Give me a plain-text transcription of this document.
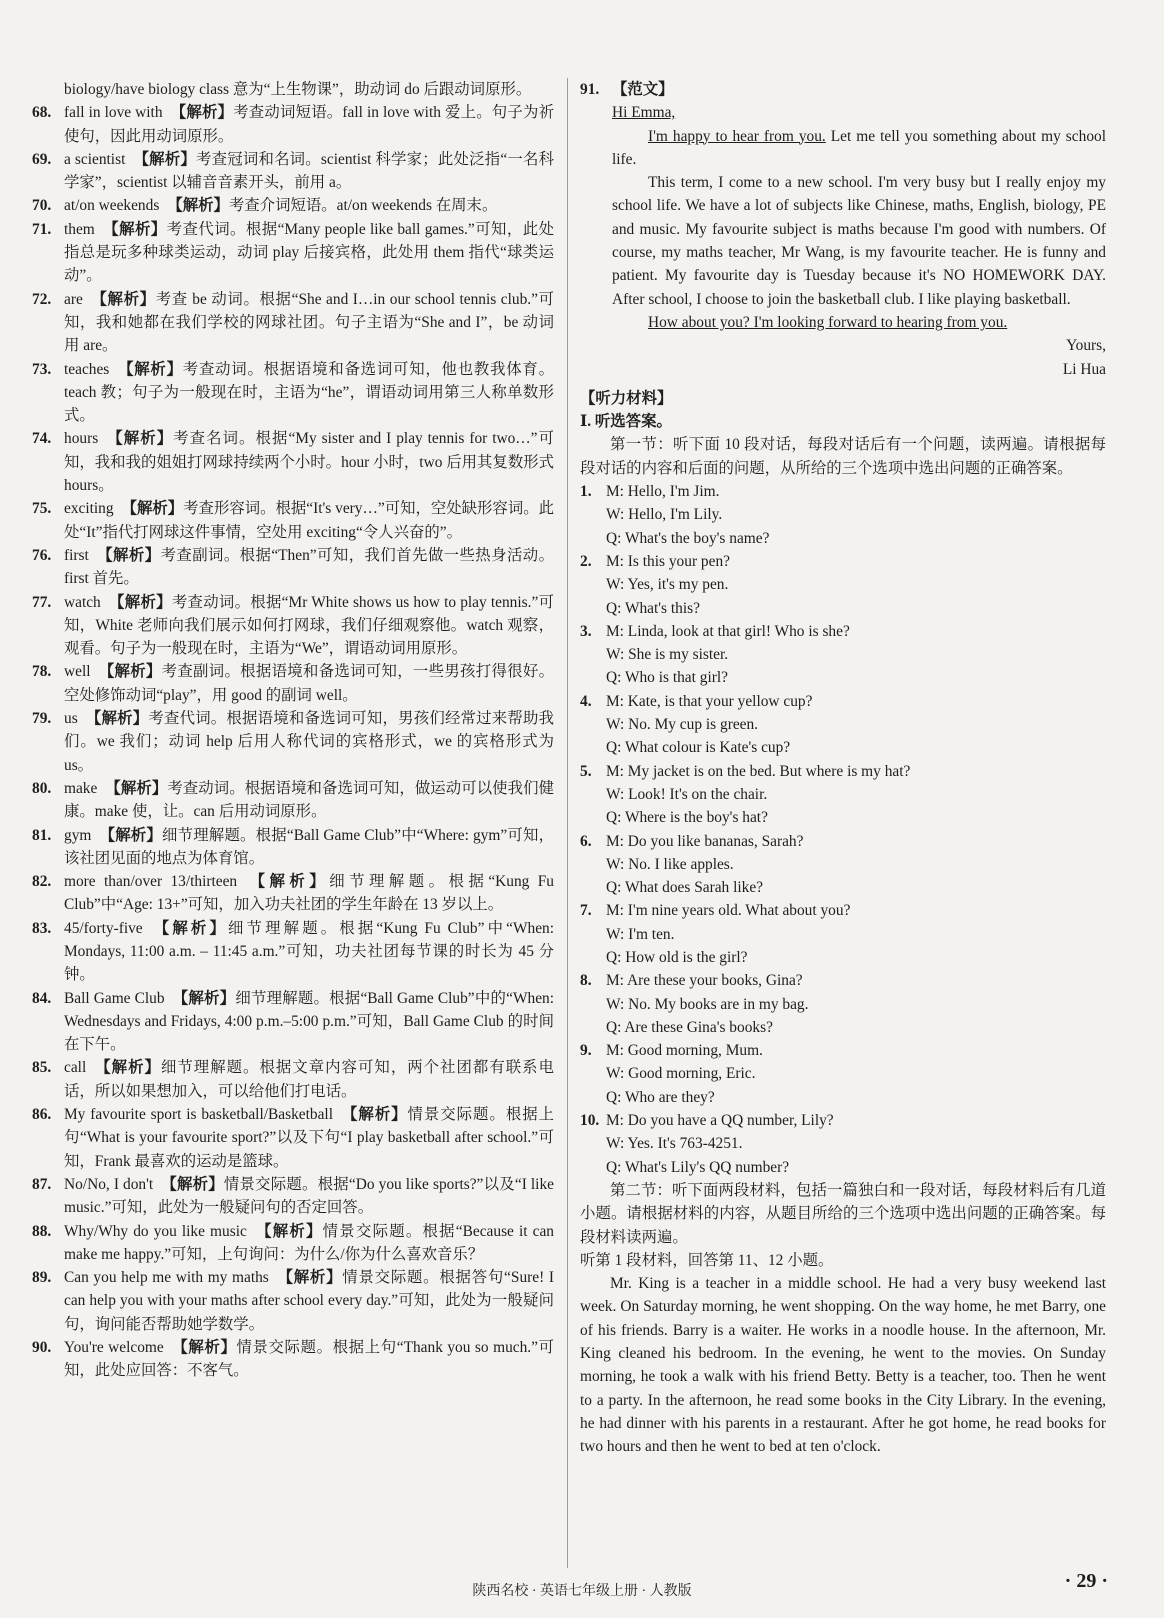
biology/have biology class 意为“上生物课”，助动词 do 后跟动词原形。
68. fall in love with 【解析】考查动词短语。fall in love with 爱上。句子为祈使句，因此用动词原形。
69. a scientist 【解析】考查冠词和名词。scientist 科学家；此处泛指“一名科学家”，scientist 以辅音音素开头，前用 a。
70. at/on weekends 【解析】考查介词短语。at/on weekends 在周末。
71. them 【解析】考查代词。根据“Many people like ball games.”可知，此处指总是玩多种球类运动，动词 play 后接宾格，此处用 them 指代“球类运动”。
72. are 【解析】考查 be 动词。根据“She and I…in our school tennis club.”可知，我和她都在我们学校的网球社团。句子主语为“She and I”，be 动词用 are。
73. teaches 【解析】考查动词。根据语境和备选词可知，他也教我体育。teach 教；句子为一般现在时，主语为“he”，谓语动词用第三人称单数形式。
74. hours 【解析】考查名词。根据“My sister and I play tennis for two…”可知，我和我的姐姐打网球持续两个小时。hour 小时，two 后用其复数形式 hours。
75. exciting 【解析】考查形容词。根据“It's very…”可知，空处缺形容词。此处“It”指代打网球这件事情，空处用 exciting“令人兴奋的”。
76. first 【解析】考查副词。根据“Then”可知，我们首先做一些热身活动。first 首先。
77. watch 【解析】考查动词。根据“Mr White shows us how to play tennis.”可知，White 老师向我们展示如何打网球，我们仔细观察他。watch 观察，观看。句子为一般现在时，主语为“We”，谓语动词用原形。
78. well 【解析】考查副词。根据语境和备选词可知，一些男孩打得很好。空处修饰动词“play”，用 good 的副词 well。
79. us 【解析】考查代词。根据语境和备选词可知，男孩们经常过来帮助我们。we 我们；动词 help 后用人称代词的宾格形式，we 的宾格形式为 us。
80. make 【解析】考查动词。根据语境和备选词可知，做运动可以使我们健康。make 使，让。can 后用动词原形。
81. gym 【解析】细节理解题。根据“Ball Game Club”中“Where: gym”可知，该社团见面的地点为体育馆。
82. more than/over 13/thirteen 【解析】细节理解题。根据“Kung Fu Club”中“Age: 13+”可知，加入功夫社团的学生年龄在 13 岁以上。
83. 45/forty-five 【解析】细节理解题。根据“Kung Fu Club”中“When: Mondays, 11:00 a.m. – 11:45 a.m.”可知，功夫社团每节课的时长为 45 分钟。
84. Ball Game Club 【解析】细节理解题。根据“Ball Game Club”中的“When: Wednesdays and Fridays, 4:00 p.m.–5:00 p.m.”可知，Ball Game Club 的时间在下午。
85. call 【解析】细节理解题。根据文章内容可知，两个社团都有联系电话，所以如果想加入，可以给他们打电话。
86. My favourite sport is basketball/Basketball 【解析】情景交际题。根据上句“What is your favourite sport?”以及下句“I play basketball after school.”可知，Frank 最喜欢的运动是篮球。
87. No/No, I don't 【解析】情景交际题。根据“Do you like sports?”以及“I like music.”可知，此处为一般疑问句的否定回答。
88. Why/Why do you like music 【解析】情景交际题。根据“Because it can make me happy.”可知，上句询问：为什么/你为什么喜欢音乐？
89. Can you help me with my maths 【解析】情景交际题。根据答句“Sure! I can help you with your maths after school every day.”可知，此处为一般疑问句，询问能否帮助她学数学。
90. You're welcome 【解析】情景交际题。根据上句“Thank you so much.”可知，此处应回答：不客气。
91. 【范文】

Hi Emma,

I'm happy to hear from you. Let me tell you something about my school life.

This term, I come to a new school. I'm very busy but I really enjoy my school life. We have a lot of subjects like Chinese, maths, English, biology, PE and music. My favourite subject is maths because I'm good with numbers. Of course, my maths teacher, Mr Wang, is my favourite teacher. He is funny and patient. My favourite day is Tuesday because it's NO HOMEWORK DAY. After school, I choose to join the basketball club. I like playing basketball.

How about you? I'm looking forward to hearing from you.

Yours,
Li Hua
【听力材料】
Ⅰ. 听选答案。
第一节：听下面 10 段对话，每段对话后有一个问题，读两遍。请根据每段对话的内容和后面的问题，从所给的三个选项中选出问题的正确答案。
1. M: Hello, I'm Jim.
W: Hello, I'm Lily.
Q: What's the boy's name?
2. M: Is this your pen?
W: Yes, it's my pen.
Q: What's this?
3. M: Linda, look at that girl! Who is she?
W: She is my sister.
Q: Who is that girl?
4. M: Kate, is that your yellow cup?
W: No. My cup is green.
Q: What colour is Kate's cup?
5. M: My jacket is on the bed. But where is my hat?
W: Look! It's on the chair.
Q: Where is the boy's hat?
6. M: Do you like bananas, Sarah?
W: No. I like apples.
Q: What does Sarah like?
7. M: I'm nine years old. What about you?
W: I'm ten.
Q: How old is the girl?
8. M: Are these your books, Gina?
W: No. My books are in my bag.
Q: Are these Gina's books?
9. M: Good morning, Mum.
W: Good morning, Eric.
Q: Who are they?
10. M: Do you have a QQ number, Lily?
W: Yes. It's 763-4251.
Q: What's Lily's QQ number?
第二节：听下面两段材料，包括一篇独白和一段对话，每段材料后有几道小题。请根据材料的内容，从题目所给的三个选项中选出问题的正确答案。每段材料读两遍。
听第 1 段材料，回答第 11、12 小题。

Mr. King is a teacher in a middle school. He had a very busy weekend last week. On Saturday morning, he went shopping. On the way home, he met Barry, one of his friends. Barry is a waiter. He works in a noodle house. In the afternoon, Mr. King cleaned his bedroom. In the evening, he went to the movies. On Sunday morning, he took a walk with his friend Betty. Betty is a teacher, too. Then he went to a party. In the afternoon, he read some books in the City Library. In the evening, he had dinner with his parents in a restaurant. After he got home, he read books for two hours and then he went to bed at ten o'clock.

陕西名校 · 英语七年级上册 · 人教版	· 29 ·
